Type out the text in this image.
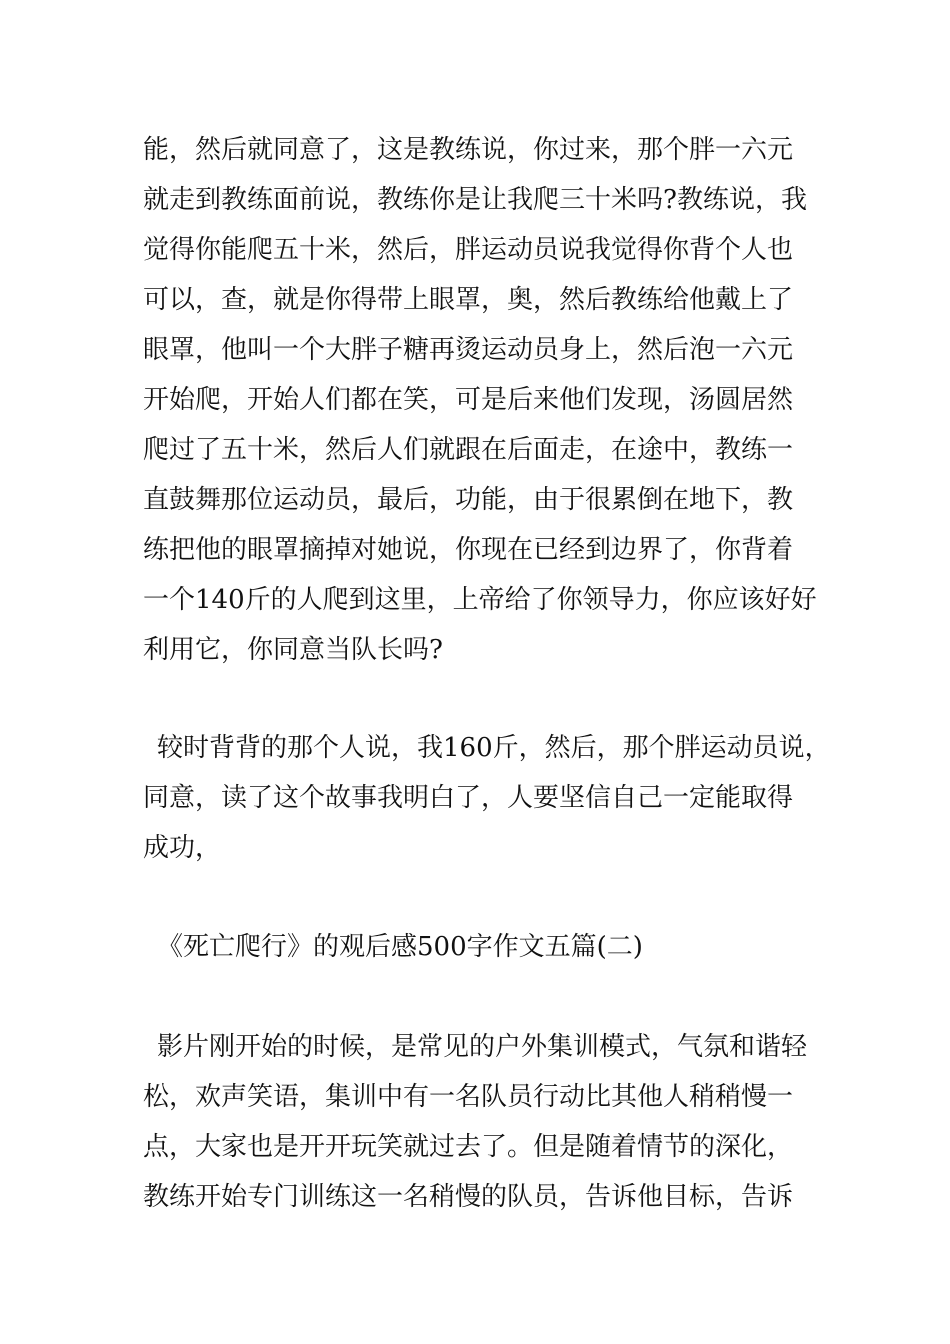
能，然后就同意了，这是教练说，你过来，那个胖一六元
就走到教练面前说，教练你是让我爬三十米吗?教练说，我
觉得你能爬五十米，然后，胖运动员说我觉得你背个人也
可以，查，就是你得带上眼罩，奥，然后教练给他戴上了
眼罩，他叫一个大胖子糖再烫运动员身上，然后泡一六元
开始爬，开始人们都在笑，可是后来他们发现，汤圆居然
爬过了五十米，然后人们就跟在后面走，在途中，教练一
直鼓舞那位运动员，最后，功能，由于很累倒在地下，教
练把他的眼罩摘掉对她说，你现在已经到边界了，你背着
一个140斤的人爬到这里，上帝给了你领导力，你应该好好
利用它，你同意当队长吗?
较时背背的那个人说，我160斤，然后，那个胖运动员说，
同意，读了这个故事我明白了，人要坚信自己一定能取得
成功，
《死亡爬行》的观后感500字作文五篇(二)
影片刚开始的时候，是常见的户外集训模式，气氛和谐轻
松，欢声笑语，集训中有一名队员行动比其他人稍稍慢一
点，大家也是开开玩笑就过去了。但是随着情节的深化，
教练开始专门训练这一名稍慢的队员，告诉他目标，告诉
